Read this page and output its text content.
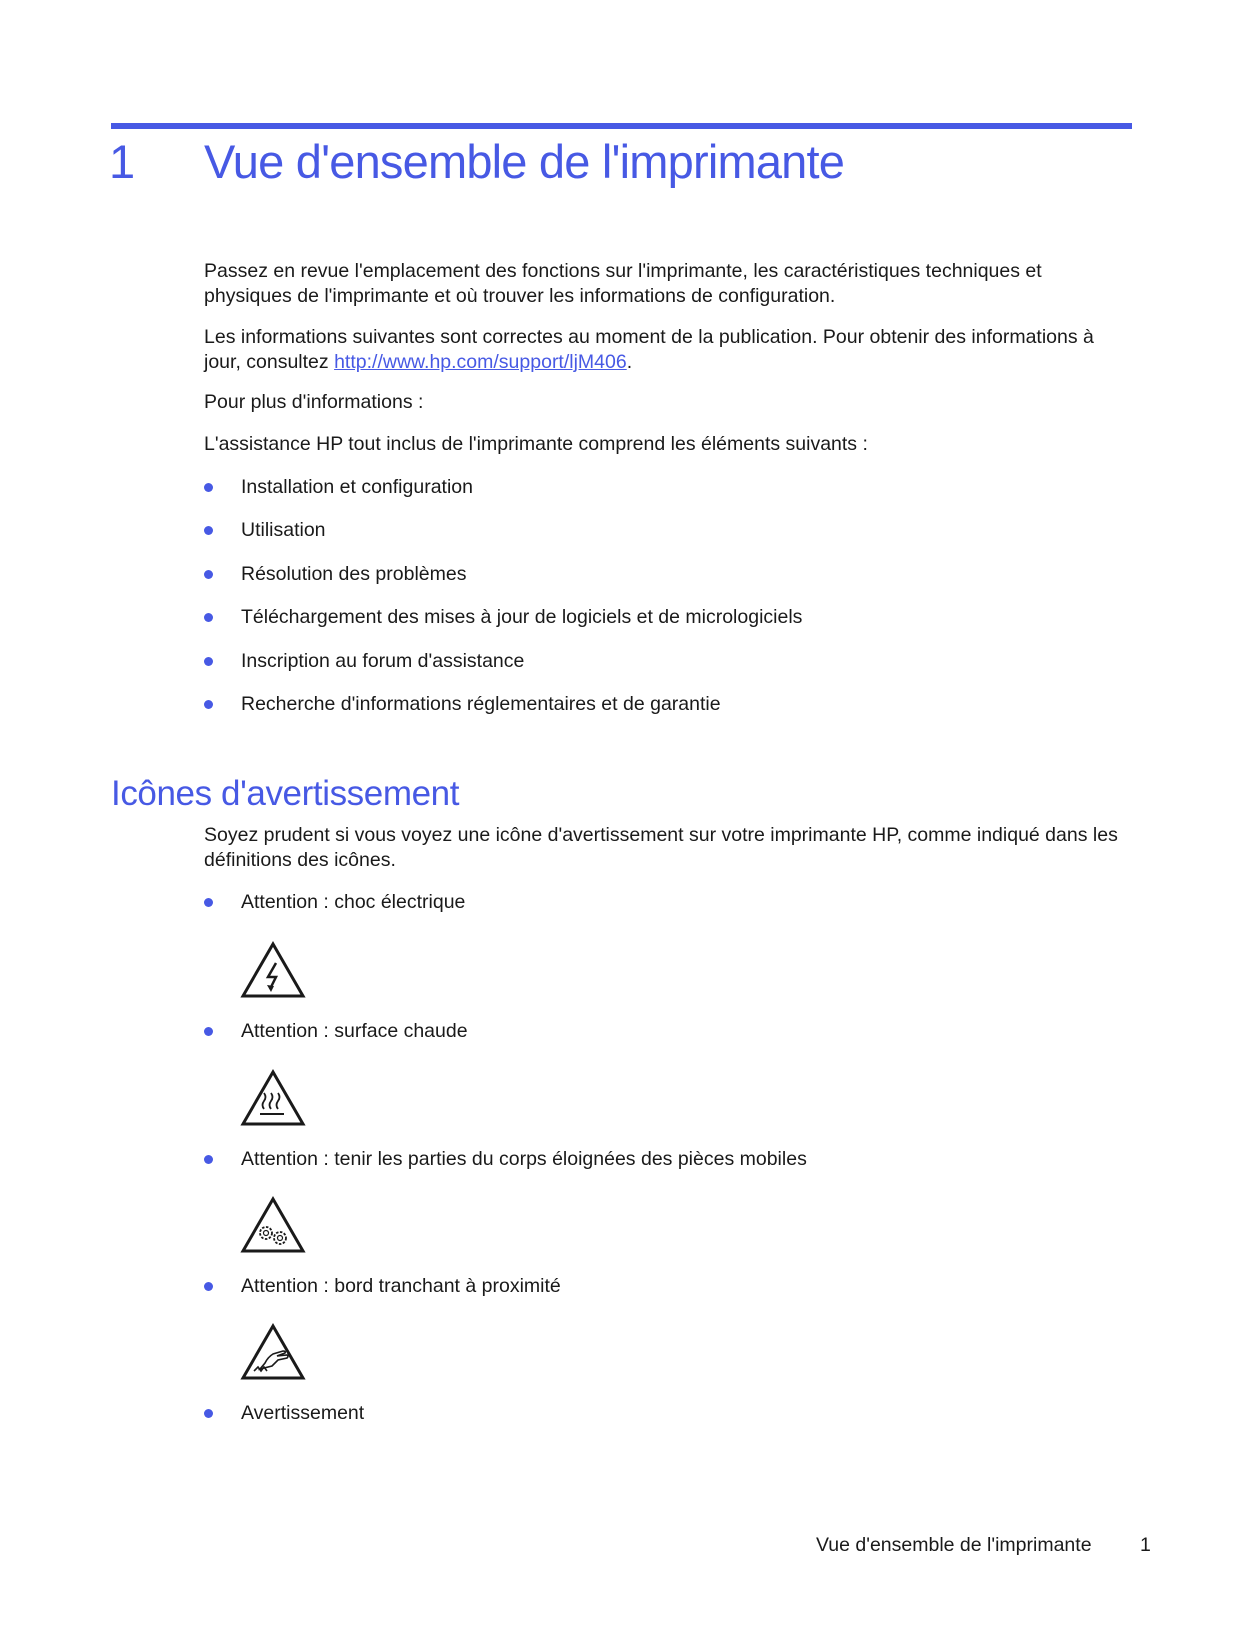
1 Vue d'ensemble de l'imprimante

Passez en revue l'emplacement des fonctions sur l'imprimante, les caractéristiques techniques et physiques de l'imprimante et où trouver les informations de configuration.

Les informations suivantes sont correctes au moment de la publication. Pour obtenir des informations à jour, consultez http://www.hp.com/support/ljM406.

Pour plus d'informations :

L'assistance HP tout inclus de l'imprimante comprend les éléments suivants :

Installation et configuration
Utilisation
Résolution des problèmes
Téléchargement des mises à jour de logiciels et de micrologiciels
Inscription au forum d'assistance
Recherche d'informations réglementaires et de garantie
Icônes d'avertissement

Soyez prudent si vous voyez une icône d'avertissement sur votre imprimante HP, comme indiqué dans les définitions des icônes.

Attention : choc électrique
Attention : surface chaude
Attention : tenir les parties du corps éloignées des pièces mobiles
Attention : bord tranchant à proximité
Avertissement
Vue d'ensemble de l'imprimante 1
